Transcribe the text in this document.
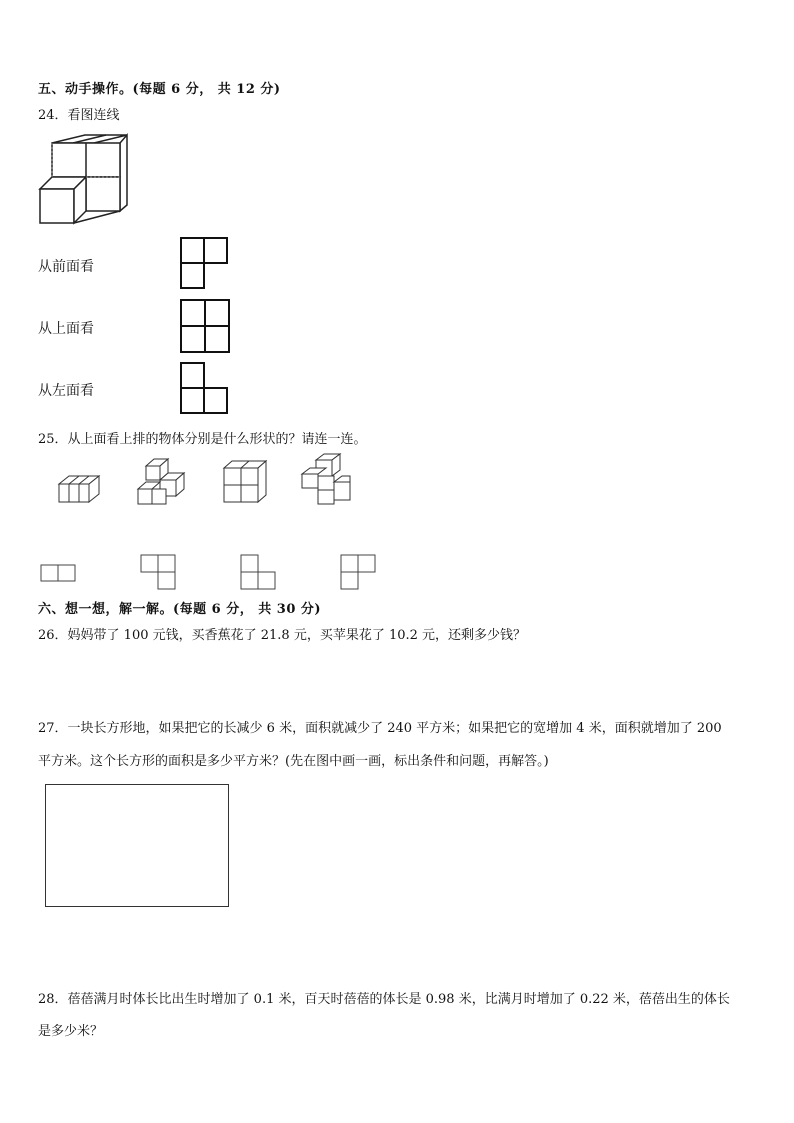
五、动手操作。(每题 6 分， 共 12 分)
24．看图连线
从前面看
从上面看
从左面看
25．从上面看上排的物体分别是什么形状的？请连一连。
六、想一想，解一解。(每题 6 分， 共 30 分)
26．妈妈带了 100 元钱，买香蕉花了 21.8 元，买苹果花了 10.2 元，还剩多少钱？
27．一块长方形地，如果把它的长减少 6 米，面积就减少了 240 平方米；如果把它的宽增加 4 米，面积就增加了 200
平方米。这个长方形的面积是多少平方米？(先在图中画一画，标出条件和问题，再解答。)
28．蓓蓓满月时体长比出生时增加了 0.1 米，百天时蓓蓓的体长是 0.98 米，比满月时增加了 0.22 米，蓓蓓出生的体长
是多少米？
